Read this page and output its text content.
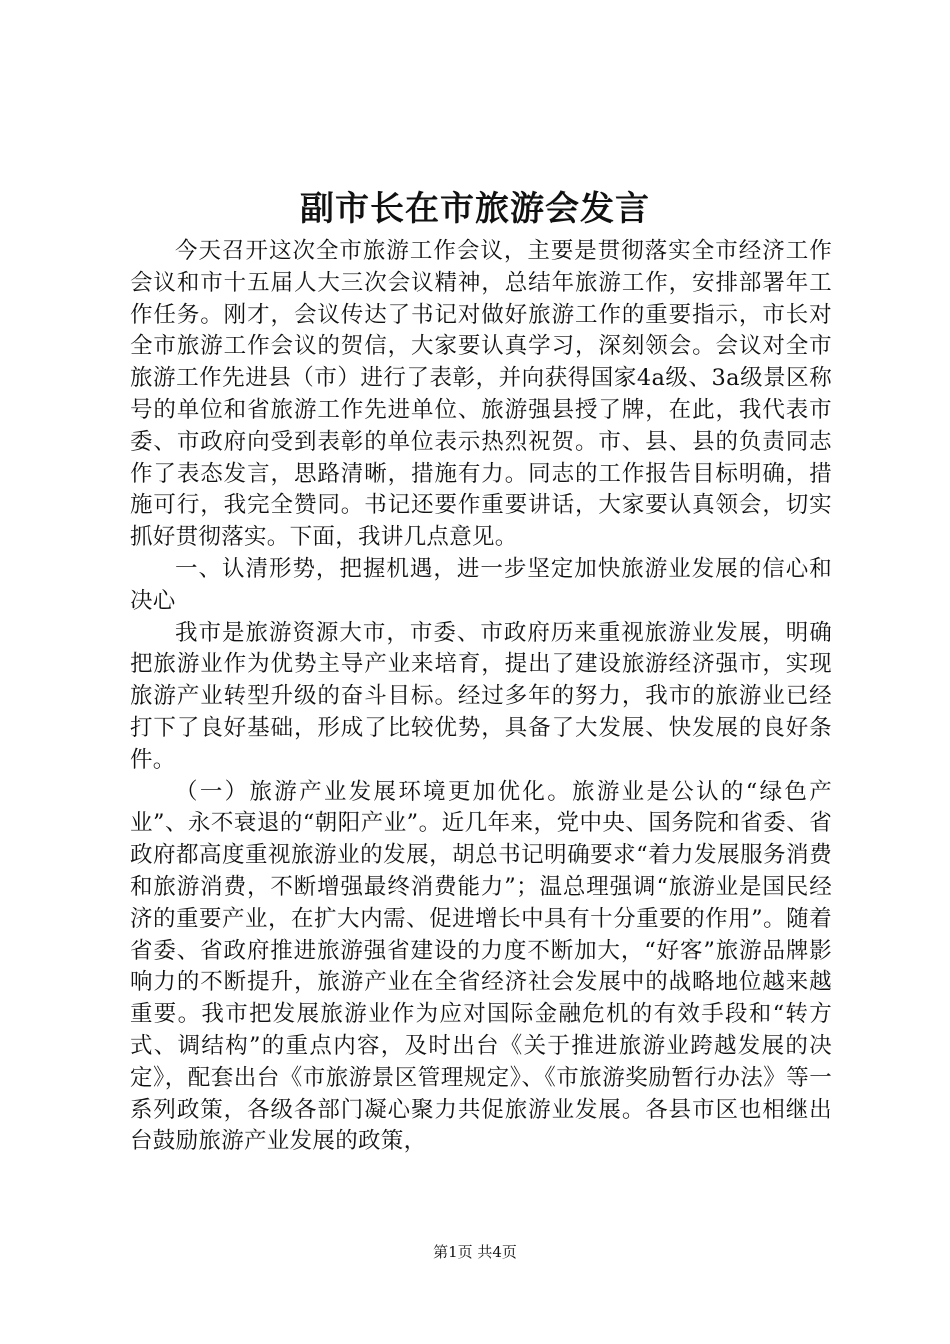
副市长在市旅游会发言

今天召开这次全市旅游工作会议，主要是贯彻落实全市经济工作会议和市十五届人大三次会议精神，总结年旅游工作，安排部署年工作任务。刚才，会议传达了书记对做好旅游工作的重要指示，市长对全市旅游工作会议的贺信，大家要认真学习，深刻领会。会议对全市旅游工作先进县（市）进行了表彰，并向获得国家4a级、3a级景区称号的单位和省旅游工作先进单位、旅游强县授了牌，在此，我代表市委、市政府向受到表彰的单位表示热烈祝贺。市、县、县的负责同志作了表态发言，思路清晰，措施有力。同志的工作报告目标明确，措施可行，我完全赞同。书记还要作重要讲话，大家要认真领会，切实抓好贯彻落实。下面，我讲几点意见。

一、认清形势，把握机遇，进一步坚定加快旅游业发展的信心和决心

我市是旅游资源大市，市委、市政府历来重视旅游业发展，明确把旅游业作为优势主导产业来培育，提出了建设旅游经济强市，实现旅游产业转型升级的奋斗目标。经过多年的努力，我市的旅游业已经打下了良好基础，形成了比较优势，具备了大发展、快发展的良好条件。

（一）旅游产业发展环境更加优化。旅游业是公认的“绿色产业”、永不衰退的“朝阳产业”。近几年来，党中央、国务院和省委、省政府都高度重视旅游业的发展，胡总书记明确要求“着力发展服务消费和旅游消费，不断增强最终消费能力”；温总理强调“旅游业是国民经济的重要产业，在扩大内需、促进增长中具有十分重要的作用”。随着省委、省政府推进旅游强省建设的力度不断加大，“好客”旅游品牌影响力的不断提升，旅游产业在全省经济社会发展中的战略地位越来越重要。我市把发展旅游业作为应对国际金融危机的有效手段和“转方式、调结构”的重点内容，及时出台《关于推进旅游业跨越发展的决定》，配套出台《市旅游景区管理规定》、《市旅游奖励暂行办法》等一系列政策，各级各部门凝心聚力共促旅游业发展。各县市区也相继出台鼓励旅游产业发展的政策，

第1页 共4页
